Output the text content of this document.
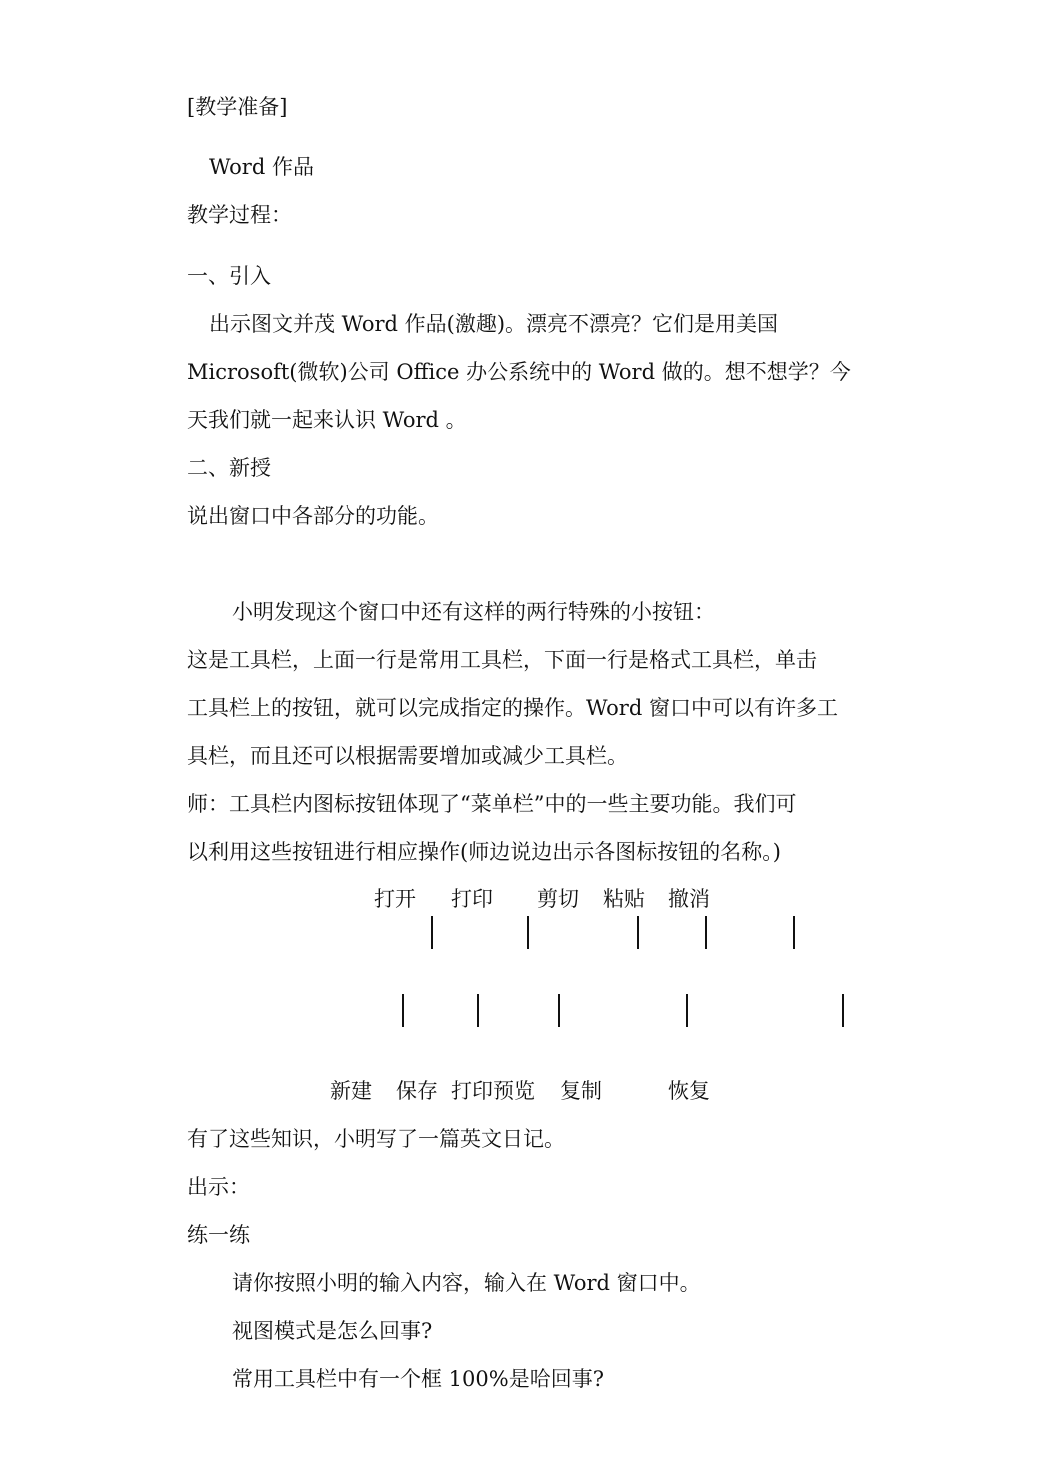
[教学准备]
Word 作品
教学过程：
一、引入
出示图文并茂 Word 作品(激趣)。漂亮不漂亮？它们是用美国
Microsoft(微软)公司 Office 办公系统中的 Word 做的。想不想学？今
天我们就一起来认识 Word 。
二、新授
说出窗口中各部分的功能。
小明发现这个窗口中还有这样的两行特殊的小按钮：
这是工具栏，上面一行是常用工具栏，下面一行是格式工具栏，单击
工具栏上的按钮，就可以完成指定的操作。Word 窗口中可以有许多工
具栏，而且还可以根据需要增加或减少工具栏。
师：工具栏内图标按钮体现了“菜单栏”中的一些主要功能。我们可
以利用这些按钮进行相应操作(师边说边出示各图标按钮的名称。)
打开 打印 剪切 粘贴 撤消
新建 保存 打印预览 复制	恢复
有了这些知识，小明写了一篇英文日记。
出示：
练一练
请你按照小明的输入内容，输入在 Word 窗口中。
视图模式是怎么回事?
常用工具栏中有一个框 100%是哈回事?
